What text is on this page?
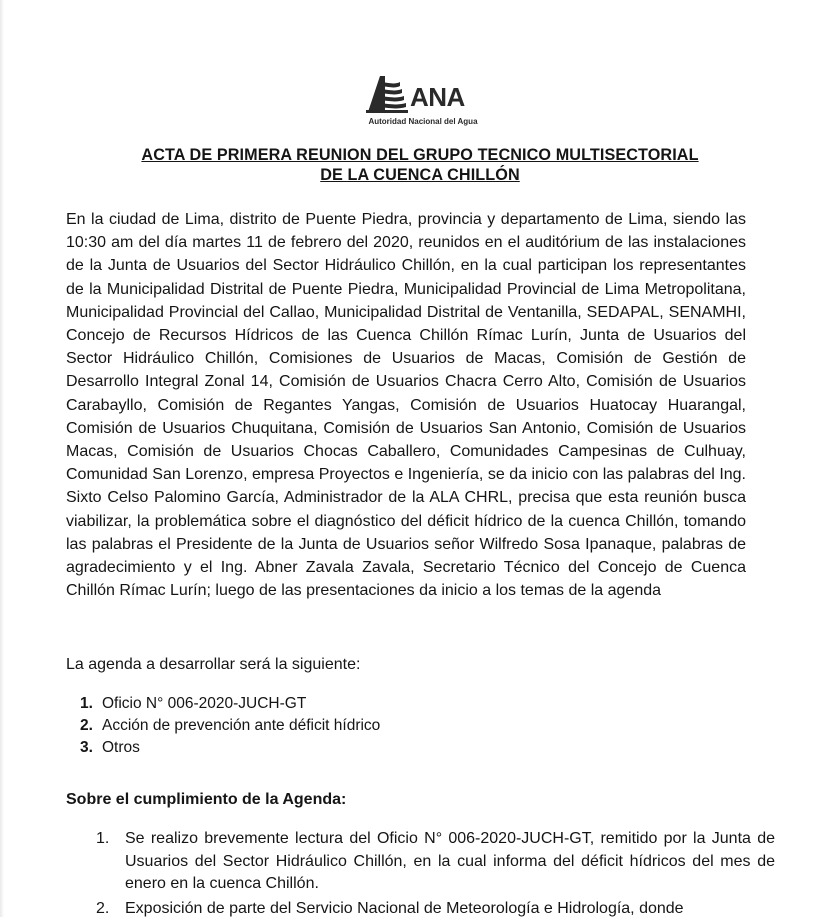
ANA
Autoridad Nacional del Agua
ACTA DE PRIMERA REUNION DEL GRUPO TECNICO MULTISECTORIAL
DE LA CUENCA CHILLÓN

En la ciudad de Lima, distrito de Puente Piedra, provincia y departamento de Lima, siendo las 10:30 am del día martes 11 de febrero del 2020, reunidos en el auditórium de las instalaciones de la Junta de Usuarios del Sector Hidráulico Chillón, en la cual participan los representantes de la Municipalidad Distrital de Puente Piedra, Municipalidad Provincial de Lima Metropolitana, Municipalidad Provincial del Callao, Municipalidad Distrital de Ventanilla, SEDAPAL, SENAMHI, Concejo de Recursos Hídricos de las Cuenca Chillón Rímac Lurín, Junta de Usuarios del Sector Hidráulico Chillón, Comisiones de Usuarios de Macas, Comisión de Gestión de Desarrollo Integral Zonal 14, Comisión de Usuarios Chacra Cerro Alto, Comisión de Usuarios Carabayllo, Comisión de Regantes Yangas, Comisión de Usuarios Huatocay Huarangal, Comisión de Usuarios Chuquitana, Comisión de Usuarios San Antonio, Comisión de Usuarios Macas, Comisión de Usuarios Chocas Caballero, Comunidades Campesinas de Culhuay, Comunidad San Lorenzo, empresa Proyectos e Ingeniería, se da inicio con las palabras del Ing. Sixto Celso Palomino García, Administrador de la ALA CHRL, precisa que esta reunión busca viabilizar, la problemática sobre el diagnóstico del déficit hídrico de la cuenca Chillón, tomando las palabras el Presidente de la Junta de Usuarios señor Wilfredo Sosa Ipanaque, palabras de agradecimiento y el Ing. Abner Zavala Zavala, Secretario Técnico del Concejo de Cuenca Chillón Rímac Lurín; luego de las presentaciones da inicio a los temas de la agenda

La agenda a desarrollar será la siguiente:

1. Oficio N° 006-2020-JUCH-GT
2. Acción de prevención ante déficit hídrico
3. Otros

Sobre el cumplimiento de la Agenda:

1. Se realizo brevemente lectura del Oficio N° 006-2020-JUCH-GT, remitido por la Junta de Usuarios del Sector Hidráulico Chillón, en la cual informa del déficit hídricos del mes de enero en la cuenca Chillón.
2. Exposición de parte del Servicio Nacional de Meteorología e Hidrología, donde
